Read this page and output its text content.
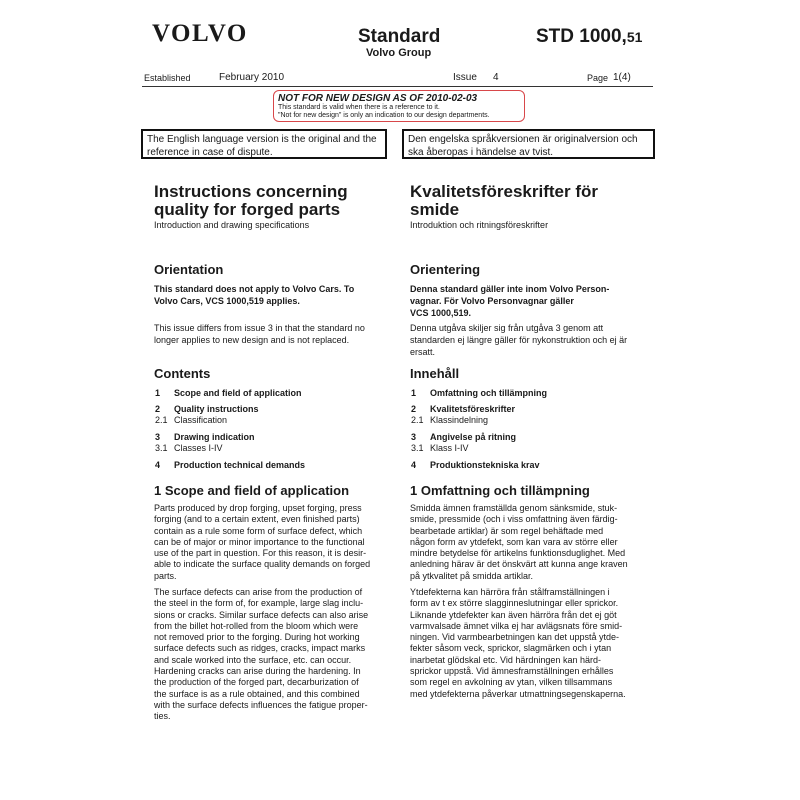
VOLVO	Standard
Volvo Group
STD 1000,51
Established	February 2010	Issue 4	Page 1(4)
NOT FOR NEW DESIGN AS OF 2010-02-03
This standard is valid when there is a reference to it.
"Not for new design" is only an indication to our design departments.
The English language version is the original and the reference in case of dispute.
Den engelska språkversionen är originalversion och ska åberopas i händelse av tvist.
Instructions concerning
quality for forged parts
Introduction and drawing specifications
Orientation
This standard does not apply to Volvo Cars. To
Volvo Cars, VCS 1000,519 applies.
This issue differs from issue 3 in that the standard no
longer applies to new design and is not replaced.
Contents
1 Scope and field of application
2 Quality instructions
2.1 Classification
3 Drawing indication
3.1 Classes I-IV
4 Production technical demands
1 Scope and field of application
Parts produced by drop forging, upset forging, press
forging (and to a certain extent, even finished parts)
contain as a rule some form of surface defect, which
can be of major or minor importance to the functional
use of the part in question. For this reason, it is desir-
able to indicate the surface quality demands on forged
parts.
The surface defects can arise from the production of
the steel in the form of, for example, large slag inclu-
sions or cracks. Similar surface defects can also arise
from the billet hot-rolled from the bloom which were
not removed prior to the forging. During hot working
surface defects such as ridges, cracks, impact marks
and scale worked into the surface, etc. can occur.
Hardening cracks can arise during the hardening. In
the production of the forged part, decarburization of
the surface is as a rule obtained, and this combined
with the surface defects influences the fatigue proper-
ties.
Kvalitetsföreskrifter för
smide
Introduktion och ritningsföreskrifter
Orientering
Denna standard gäller inte inom Volvo Person-
vagnar. För Volvo Personvagnar gäller
VCS 1000,519.
Denna utgåva skiljer sig från utgåva 3 genom att
standarden ej längre gäller för nykonstruktion och ej är
ersatt.
Innehåll
1 Omfattning och tillämpning
2 Kvalitetsföreskrifter
2.1 Klassindelning
3 Angivelse på ritning
3.1 Klass I-IV
4 Produktionstekniska krav
1 Omfattning och tillämpning
Smidda ämnen framställda genom sänksmide, stuk-
smide, pressmide (och i viss omfattning även färdig-
bearbetade artiklar) är som regel behäftade med
någon form av ytdefekt, som kan vara av större eller
mindre betydelse för artikelns funktionsduglighet. Med
anledning härav är det önskvärt att kunna ange kraven
på ytkvalitet på smidda artiklar.
Ytdefekterna kan härröra från stålframställningen i
form av t ex större slagginneslutningar eller sprickor.
Liknande ytdefekter kan även härröra från det ej göt
varmvalsade ämnet vilka ej har avlägsnats före smid-
ningen. Vid varmbearbetningen kan det uppstå ytde-
fekter såsom veck, sprickor, slagmärken och i ytan
inarbetat glödskal etc. Vid härdningen kan härd-
sprickor uppstå. Vid ämnesframställningen erhålles
som regel en avkolning av ytan, vilken tillsammans
med ytdefekterna påverkar utmattningsegenskaperna.
